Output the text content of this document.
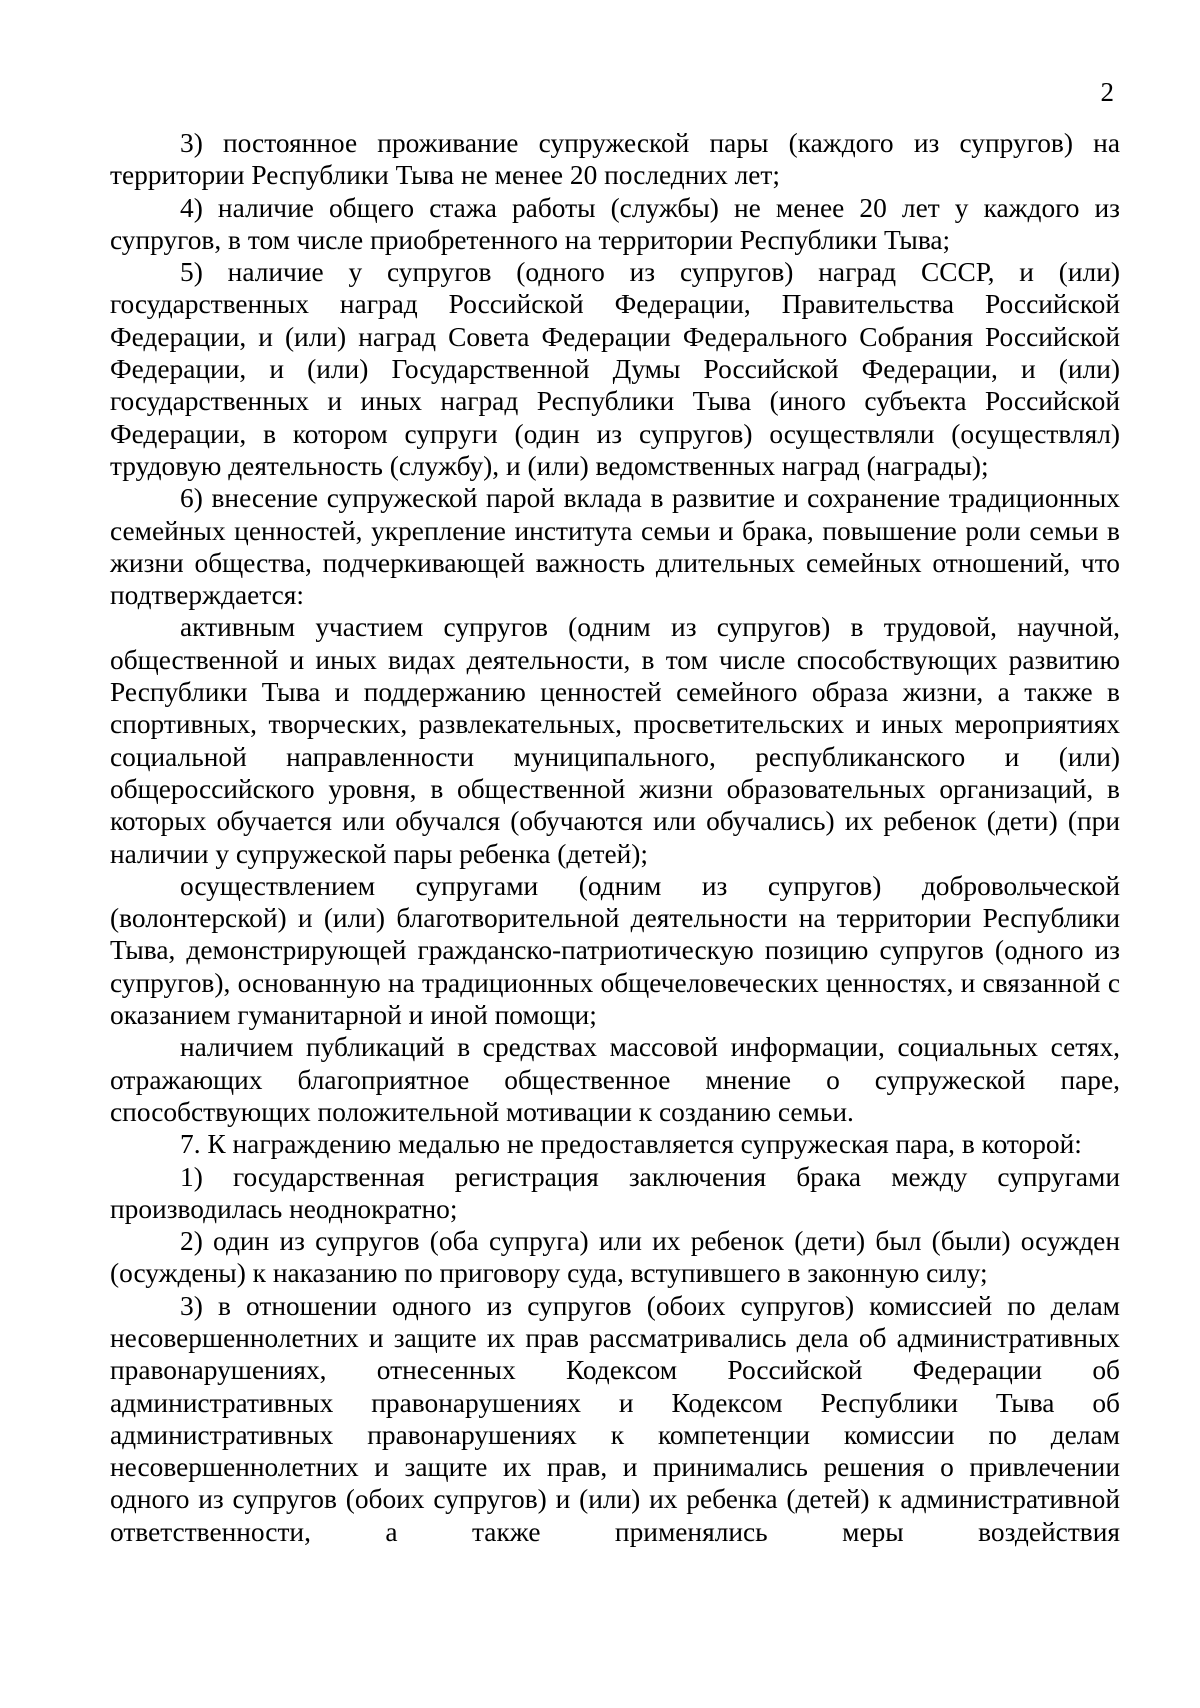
2

3) постоянное проживание супружеской пары (каждого из супругов) на территории Республики Тыва не менее 20 последних лет;

4) наличие общего стажа работы (службы) не менее 20 лет у каждого из супругов, в том числе приобретенного на территории Республики Тыва;

5) наличие у супругов (одного из супругов) наград СССР, и (или) государственных наград Российской Федерации, Правительства Российской Федерации, и (или) наград Совета Федерации Федерального Собрания Российской Федерации, и (или) Государственной Думы Российской Федерации, и (или) государственных и иных наград Республики Тыва (иного субъекта Российской Федерации, в котором супруги (один из супругов) осуществляли (осуществлял) трудовую деятельность (службу), и (или) ведомственных наград (награды);

6) внесение супружеской парой вклада в развитие и сохранение традиционных семейных ценностей, укрепление института семьи и брака, повышение роли семьи в жизни общества, подчеркивающей важность длительных семейных отношений, что подтверждается:

активным участием супругов (одним из супругов) в трудовой, научной, общественной и иных видах деятельности, в том числе способствующих развитию Республики Тыва и поддержанию ценностей семейного образа жизни, а также в спортивных, творческих, развлекательных, просветительских и иных мероприятиях социальной направленности муниципального, республиканского и (или) общероссийского уровня, в общественной жизни образовательных организаций, в которых обучается или обучался (обучаются или обучались) их ребенок (дети) (при наличии у супружеской пары ребенка (детей);

осуществлением супругами (одним из супругов) добровольческой (волонтерской) и (или) благотворительной деятельности на территории Республики Тыва, демонстрирующей гражданско-патриотическую позицию супругов (одного из супругов), основанную на традиционных общечеловеческих ценностях, и связанной с оказанием гуманитарной и иной помощи;

наличием публикаций в средствах массовой информации, социальных сетях, отражающих благоприятное общественное мнение о супружеской паре, способствующих положительной мотивации к созданию семьи.

7. К награждению медалью не предоставляется супружеская пара, в которой:

1) государственная регистрация заключения брака между супругами производилась неоднократно;

2) один из супругов (оба супруга) или их ребенок (дети) был (были) осужден (осуждены) к наказанию по приговору суда, вступившего в законную силу;

3) в отношении одного из супругов (обоих супругов) комиссией по делам несовершеннолетних и защите их прав рассматривались дела об административных правонарушениях, отнесенных Кодексом Российской Федерации об административных правонарушениях и Кодексом Республики Тыва об административных правонарушениях к компетенции комиссии по делам несовершеннолетних и защите их прав, и принимались решения о привлечении одного из супругов (обоих супругов) и (или) их ребенка (детей) к административной ответственности, а также применялись меры воздействия
